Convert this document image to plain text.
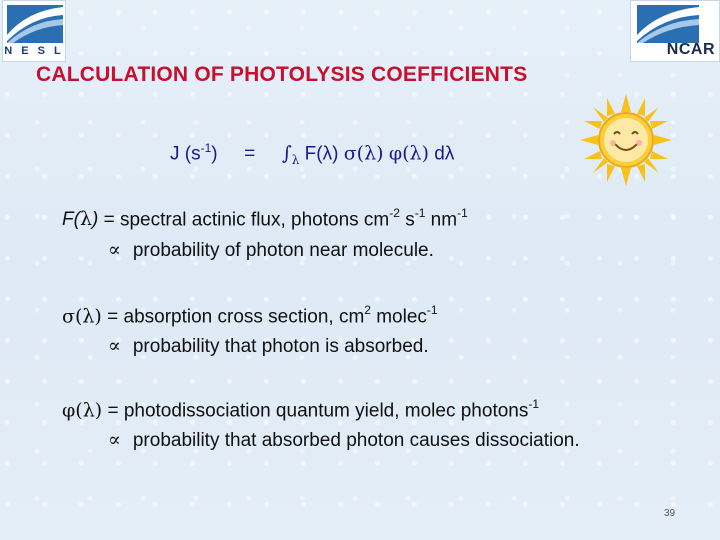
N E S L	NCAR
CALCULATION OF PHOTOLYSIS COEFFICIENTS
J $(s^{-1}) = \int_\lambda$ F(λ) σ(λ) φ(λ) dλ
F(λ) = spectral actinic flux, photons $cm^{-2}$ $s^{-1}$ $nm^{-1}$
∝ probability of photon near molecule.
σ(λ) = absorption cross section, $cm^2$ molec$^{-1}$
∝ probability that photon is absorbed.
φ(λ) = photodissociation quantum yield, molec photons$^{-1}$
∝ probability that absorbed photon causes dissociation.
39
